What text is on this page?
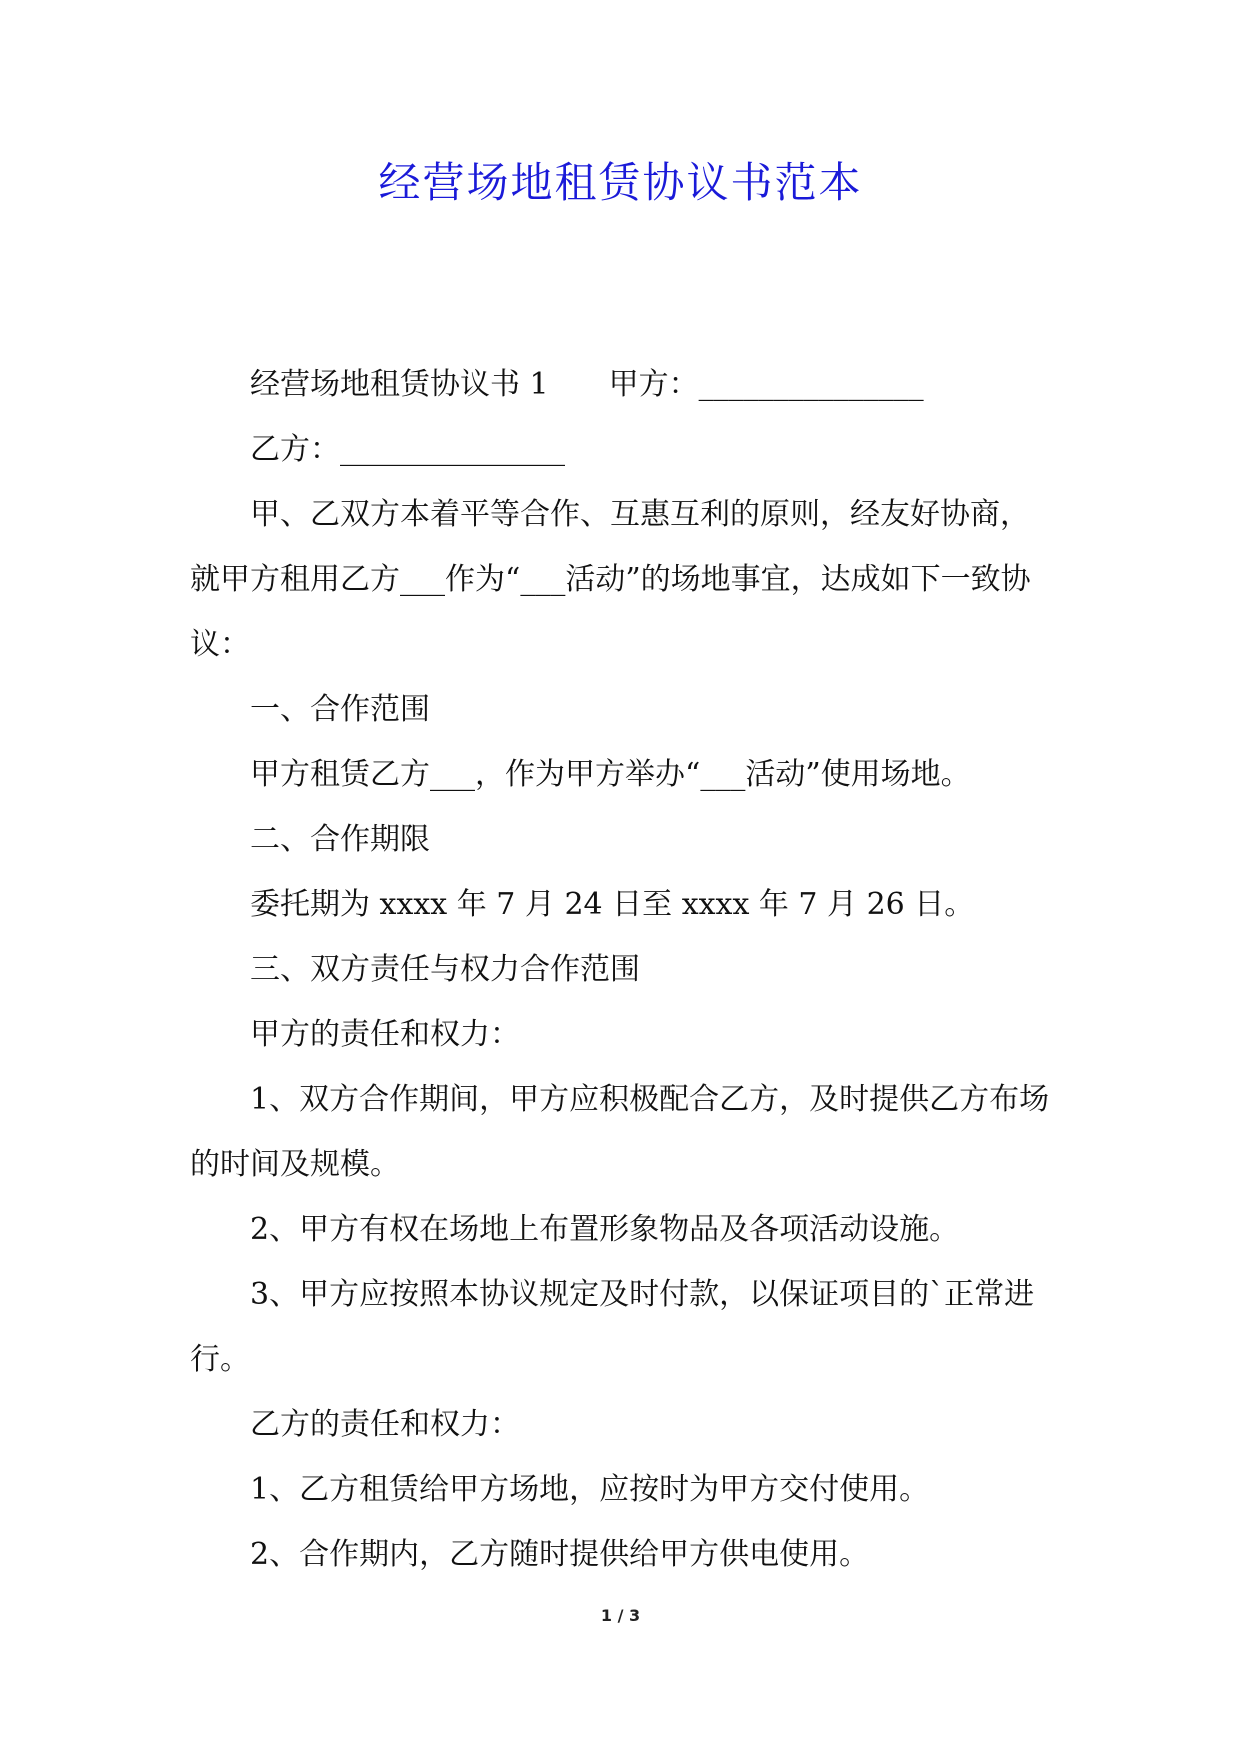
经营场地租赁协议书范本

经营场地租赁协议书 1 甲方：_______________

乙方：_______________

甲、乙双方本着平等合作、互惠互利的原则，经友好协商，就甲方租用乙方___作为“___活动”的场地事宜，达成如下一致协议：

一、合作范围

甲方租赁乙方___，作为甲方举办“___活动”使用场地。

二、合作期限

委托期为 xxxx 年 7 月 24 日至 xxxx 年 7 月 26 日。

三、双方责任与权力合作范围

甲方的责任和权力：

1、双方合作期间，甲方应积极配合乙方，及时提供乙方布场的时间及规模。

2、甲方有权在场地上布置形象物品及各项活动设施。

3、甲方应按照本协议规定及时付款，以保证项目的`正常进行。

乙方的责任和权力：

1、乙方租赁给甲方场地，应按时为甲方交付使用。

2、合作期内，乙方随时提供给甲方供电使用。

1 / 3
